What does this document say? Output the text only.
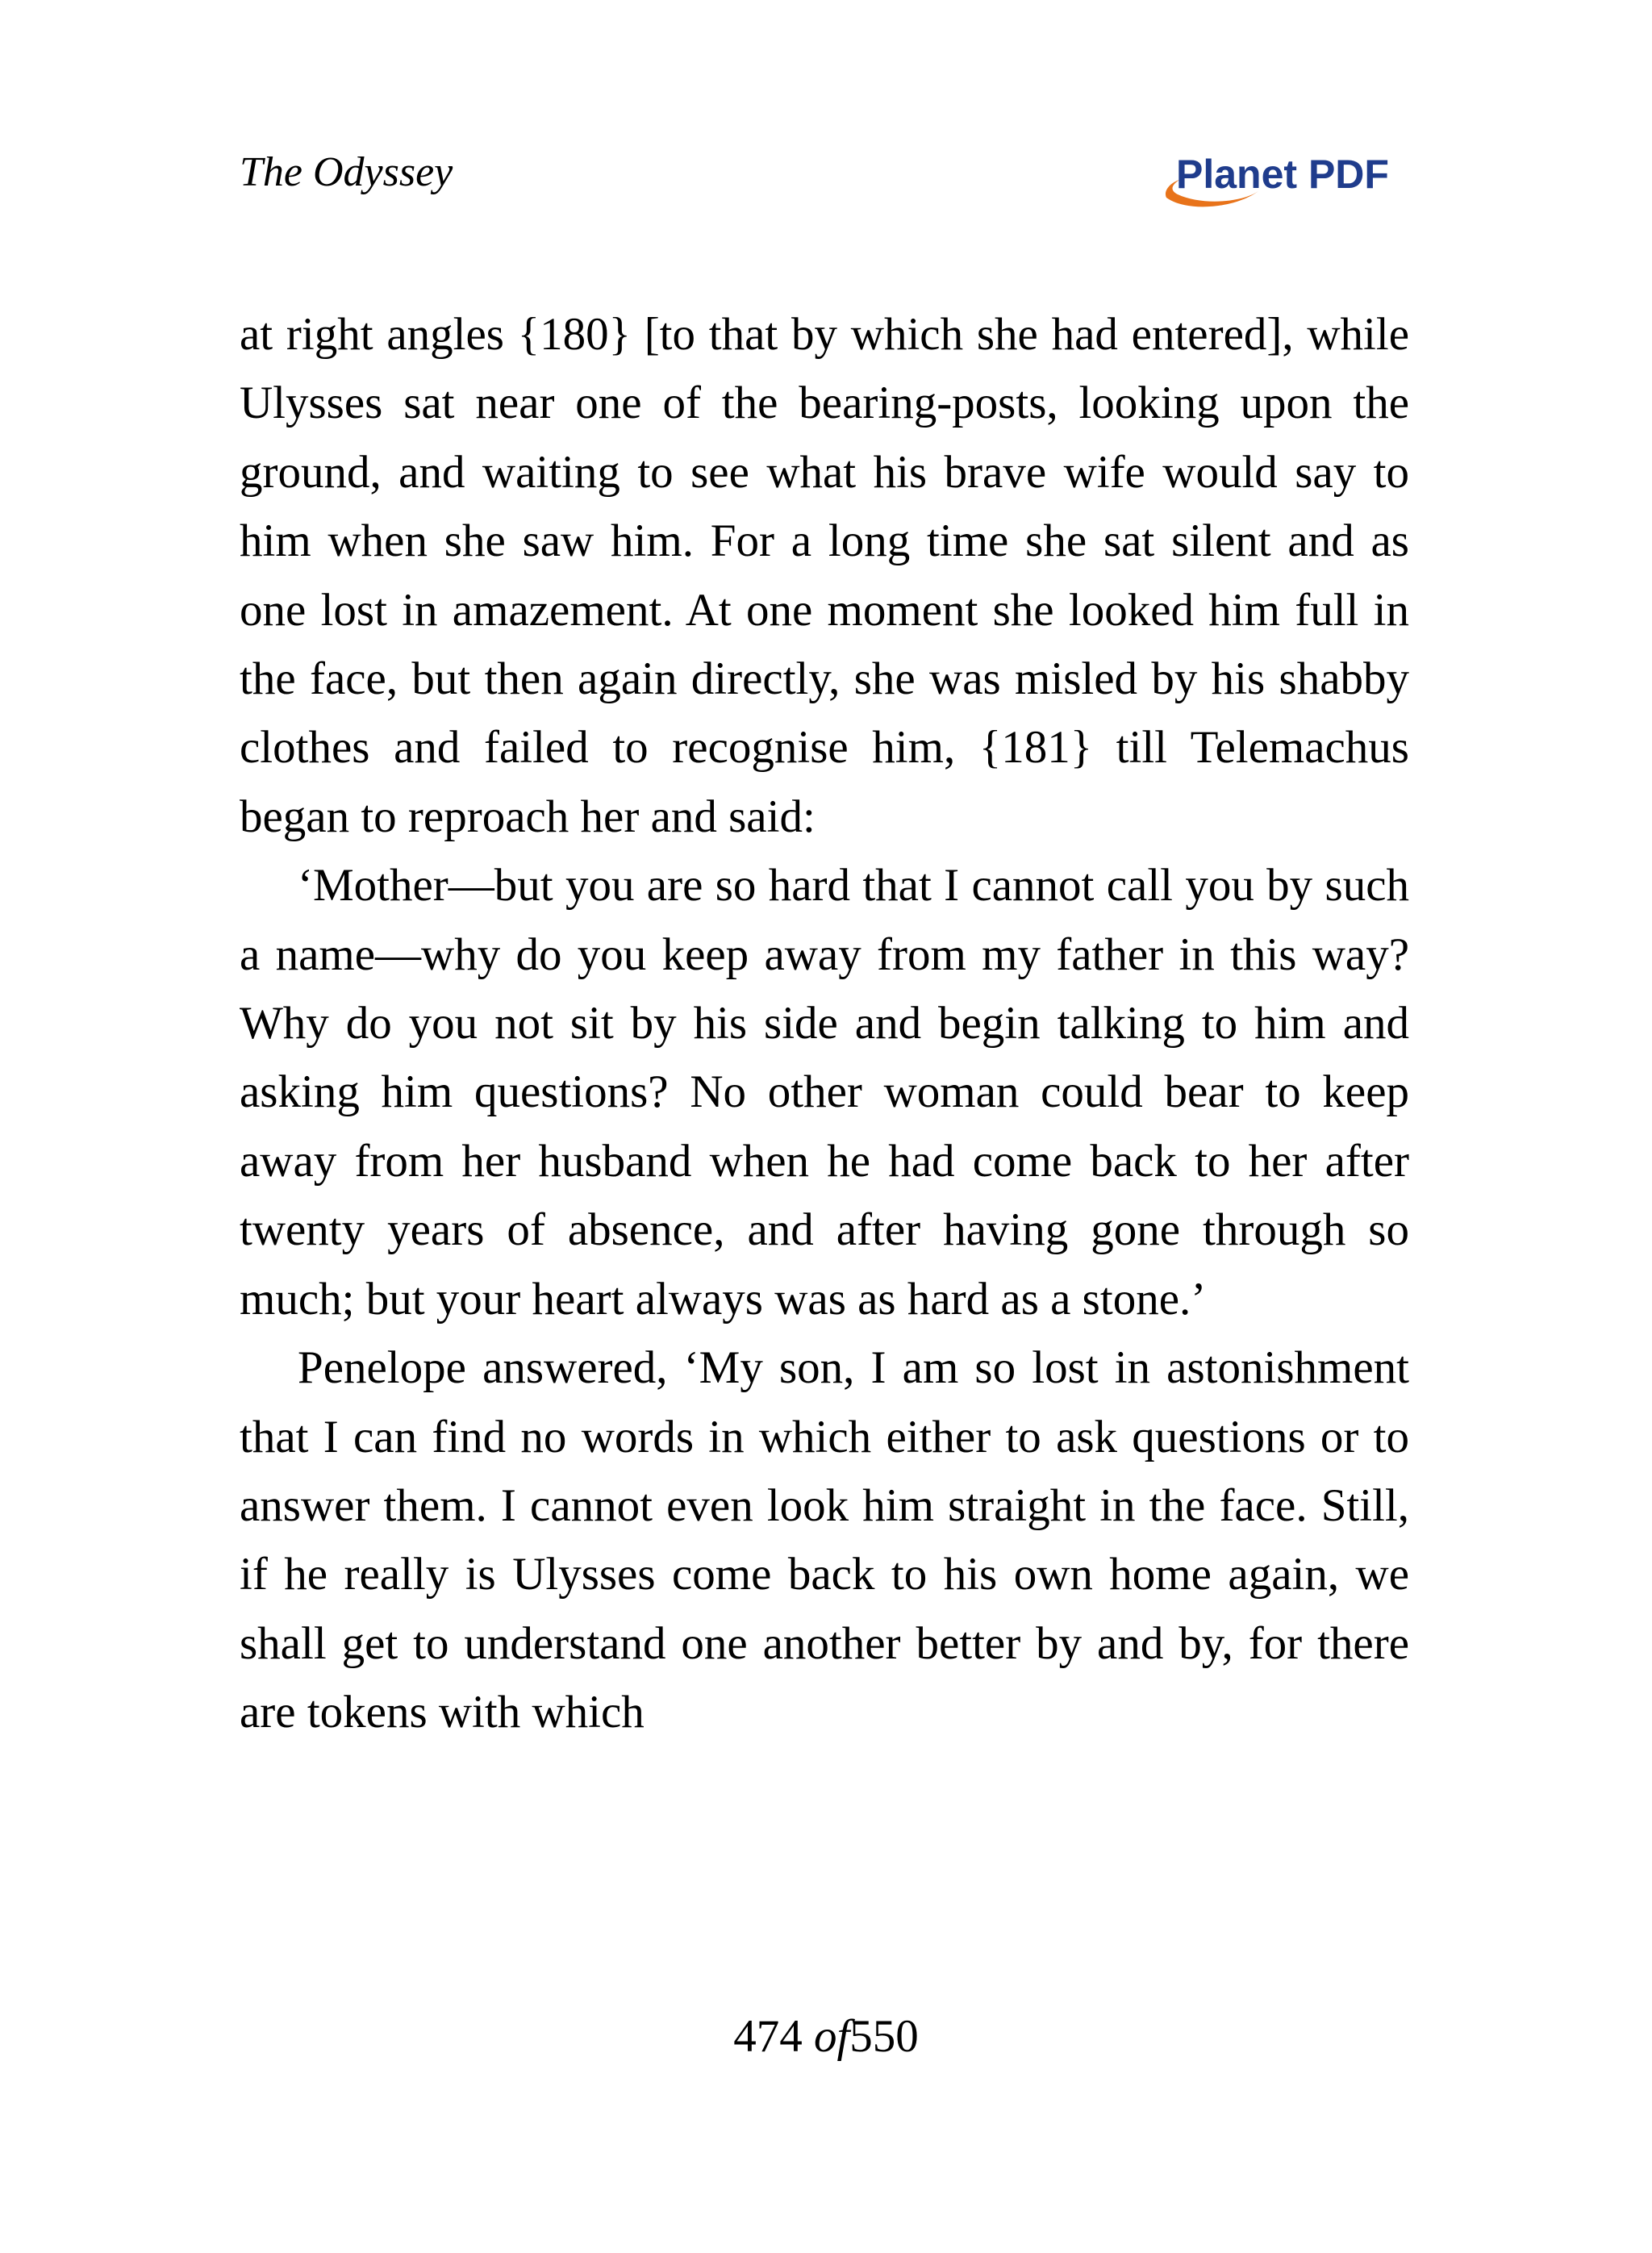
The Odyssey	Planet PDF

at right angles {180} [to that by which she had entered], while Ulysses sat near one of the bearing-posts, looking upon the ground, and waiting to see what his brave wife would say to him when she saw him. For a long time she sat silent and as one lost in amazement. At one moment she looked him full in the face, but then again directly, she was misled by his shabby clothes and failed to recognise him, {181} till Telemachus began to reproach her and said:

‘Mother—but you are so hard that I cannot call you by such a name—why do you keep away from my father in this way? Why do you not sit by his side and begin talking to him and asking him questions? No other woman could bear to keep away from her husband when he had come back to her after twenty years of absence, and after having gone through so much; but your heart always was as hard as a stone.’

Penelope answered, ‘My son, I am so lost in astonishment that I can find no words in which either to ask questions or to answer them. I cannot even look him straight in the face. Still, if he really is Ulysses come back to his own home again, we shall get to understand one another better by and by, for there are tokens with which

474 of550
